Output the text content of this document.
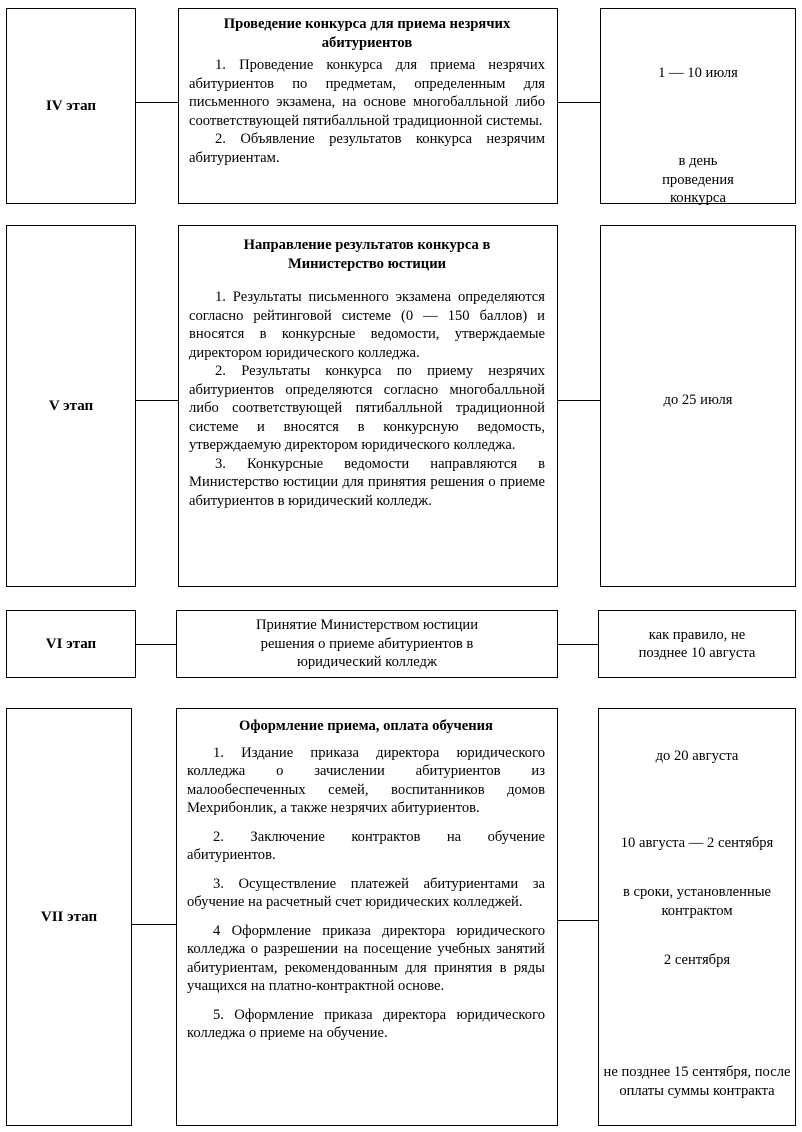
IV этап
Проведение конкурса для приема незрячих абитуриентов
1. Проведение конкурса для приема незрячих абитуриентов по предметам, определенным для письменного экзамена, на основе многобалльной либо соответствующей пятибалльной традиционной системы.
2. Объявление результатов конкурса незрячим абитуриентам.
1 — 10 июля
в день проведения конкурса
V этап
Направление результатов конкурса в Министерство юстиции
1. Результаты письменного экзамена определяются согласно рейтинговой системе (0 — 150 баллов) и вносятся в конкурсные ведомости, утверждаемые директором юридического колледжа.
2. Результаты конкурса по приему незрячих абитуриентов определяются согласно многобалльной либо соответствующей пятибалльной традиционной системе и вносятся в конкурсную ведомость, утверждаемую директором юридического колледжа.
3. Конкурсные ведомости направляются в Министерство юстиции для принятия решения о приеме абитуриентов в юридический колледж.
до 25 июля
VI этап
Принятие Министерством юстиции решения о приеме абитуриентов в юридический колледж
как правило, не позднее 10 августа
VII этап
Оформление приема, оплата обучения
1. Издание приказа директора юридического колледжа о зачислении абитуриентов из малообеспеченных семей, воспитанников домов Мехрибонлик, а также незрячих абитуриентов.
2. Заключение контрактов на обучение абитуриентов.
3. Осуществление платежей абитуриентами за обучение на расчетный счет юридических колледжей.
4 Оформление приказа директора юридического колледжа о разрешении на посещение учебных занятий абитуриентам, рекомендованным для принятия в ряды учащихся на платно-контрактной основе.
5. Оформление приказа директора юридического колледжа о приеме на обучение.
до 20 августа
10 августа — 2 сентября
в сроки, установленные контрактом
2 сентября
не позднее 15 сентября, после оплаты суммы контракта
